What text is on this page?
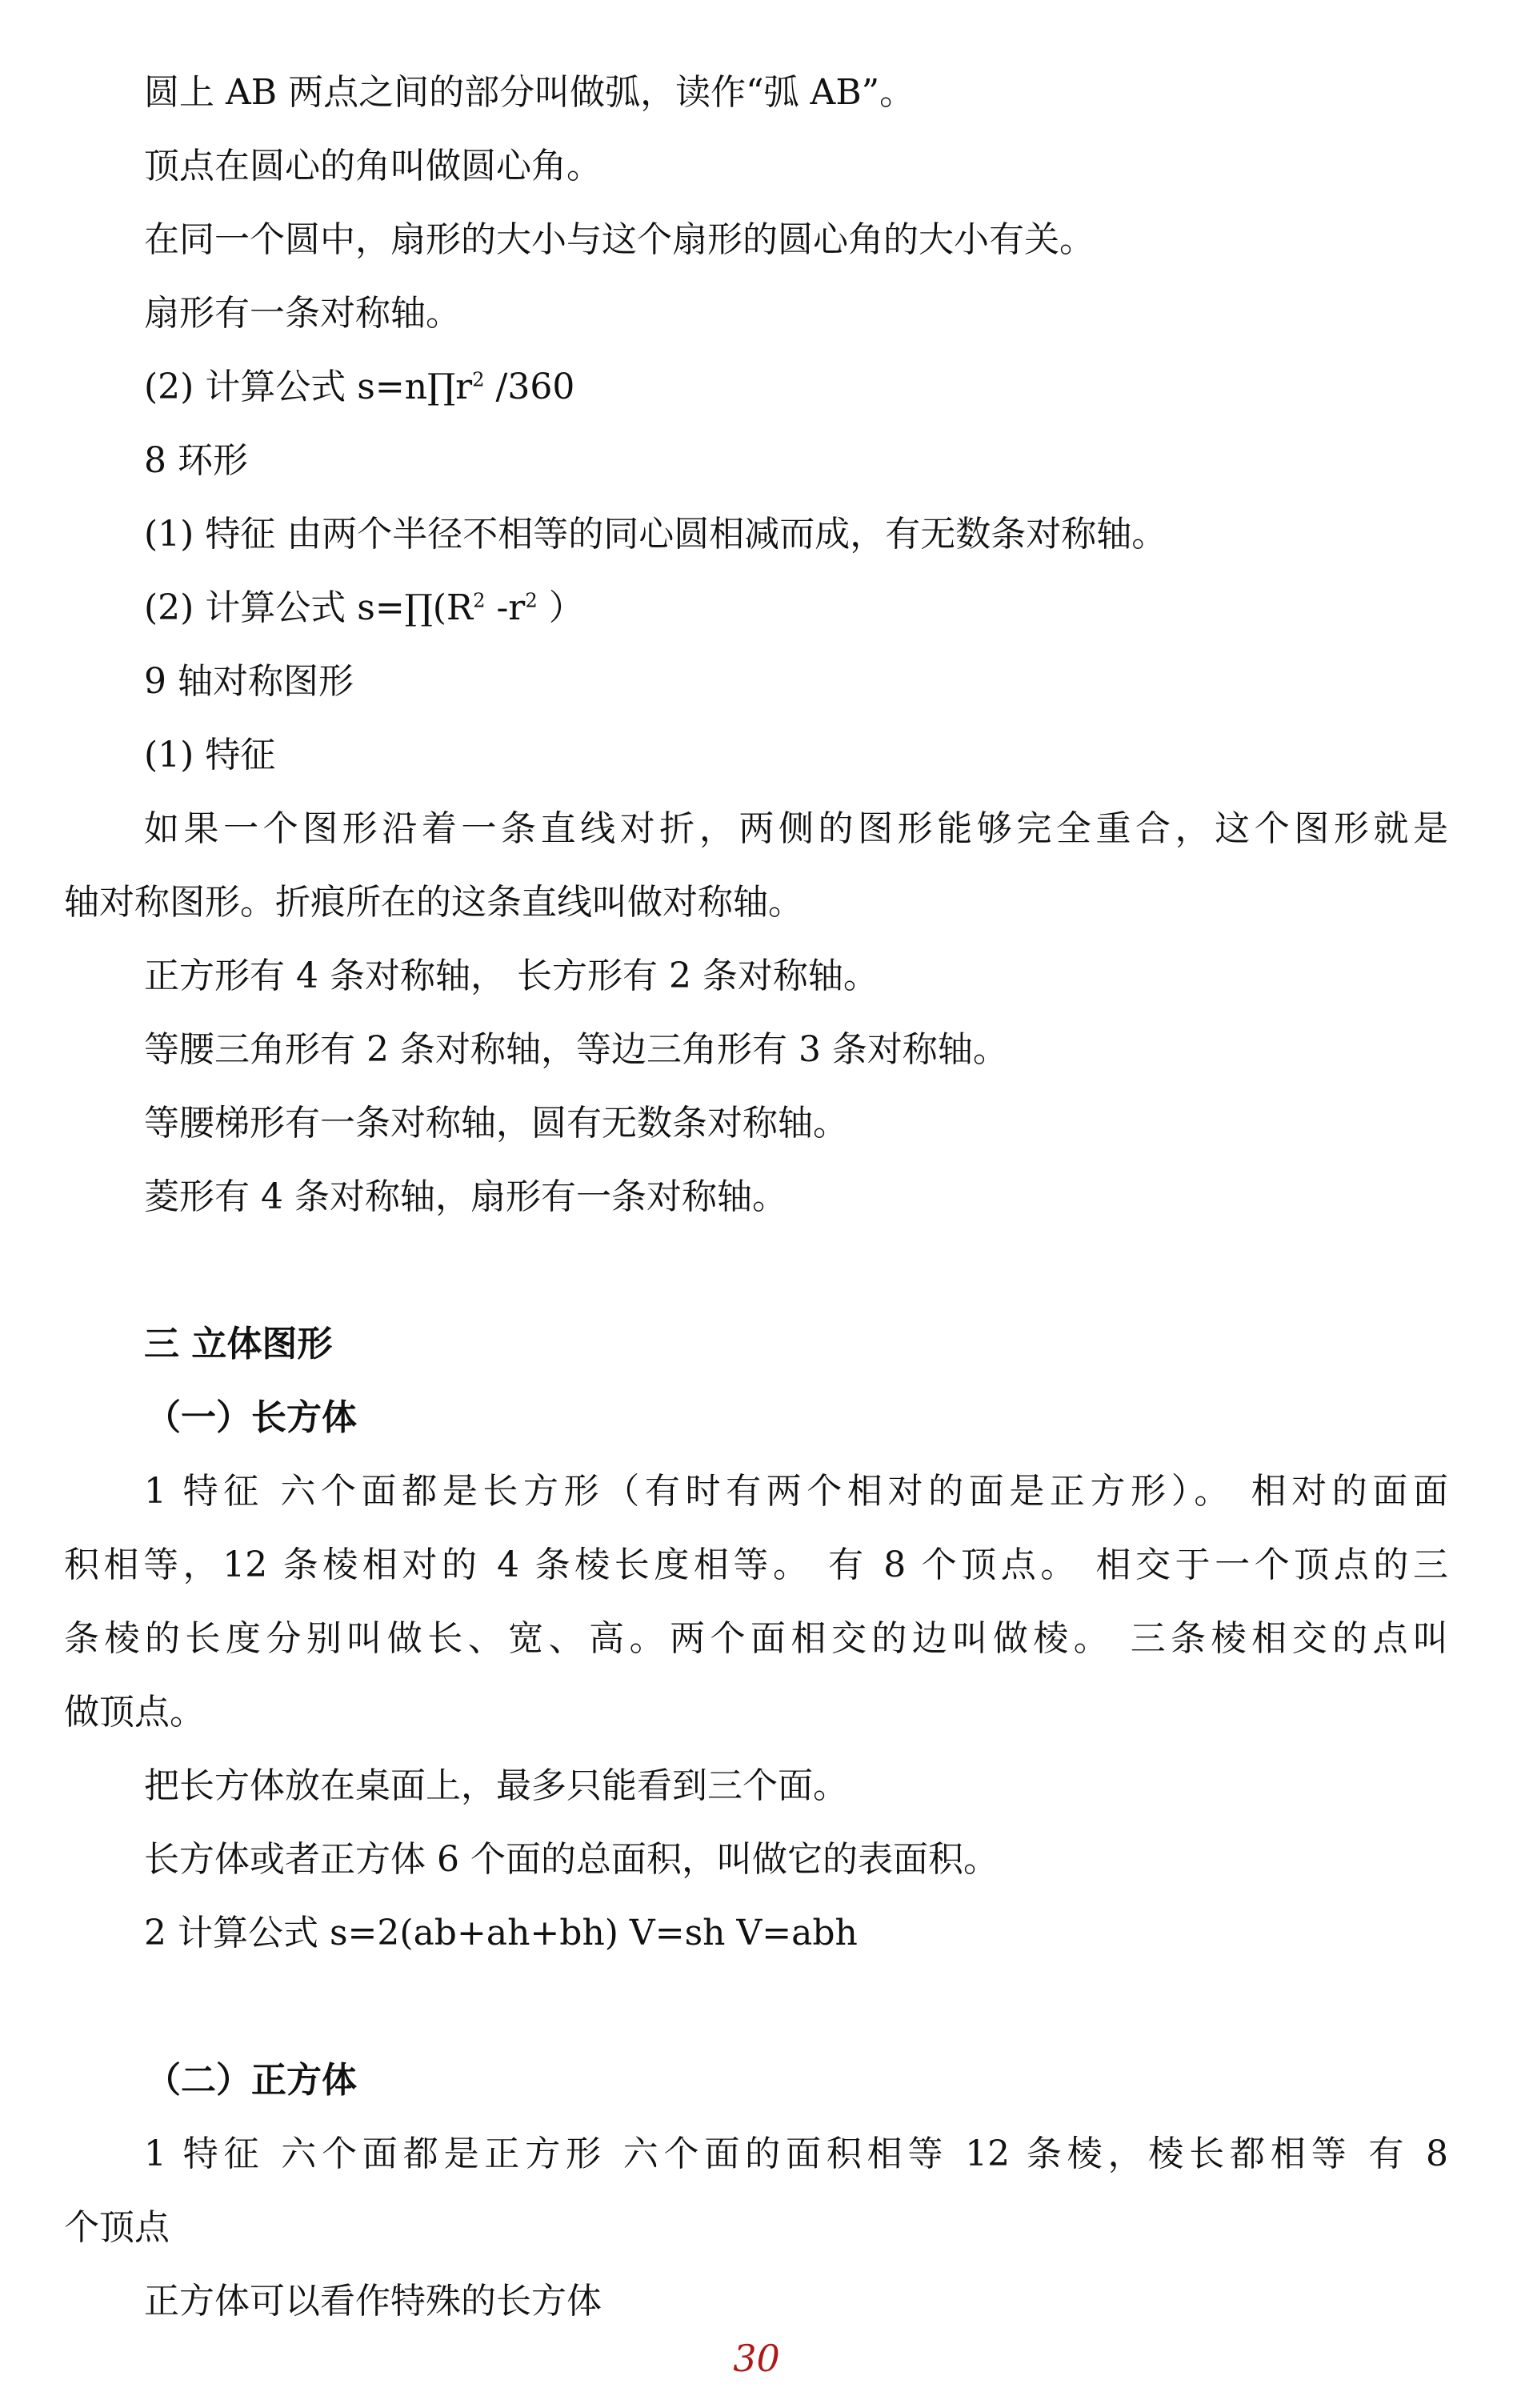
圆上 AB 两点之间的部分叫做弧，读作“弧 AB”。
顶点在圆心的角叫做圆心角。
在同一个圆中，扇形的大小与这个扇形的圆心角的大小有关。
扇形有一条对称轴。
(2) 计算公式 $s=n\prod r^2$ /360
8 环形
(1) 特征 由两个半径不相等的同心圆相减而成，有无数条对称轴。
(2) 计算公式 $s=\prod(R^2$ $-r^2$ ）
9 轴对称图形
(1) 特征
如果一个图形沿着一条直线对折，两侧的图形能够完全重合，这个图形就是
轴对称图形。折痕所在的这条直线叫做对称轴。
正方形有 4 条对称轴， 长方形有 2 条对称轴。
等腰三角形有 2 条对称轴，等边三角形有 3 条对称轴。
等腰梯形有一条对称轴，圆有无数条对称轴。
菱形有 4 条对称轴，扇形有一条对称轴。
三 立体图形
（一）长方体
1 特征 六个面都是长方形（有时有两个相对的面是正方形）。 相对的面面
积相等，12 条棱相对的 4 条棱长度相等。 有 8 个顶点。 相交于一个顶点的三
条棱的长度分别叫做长、宽、高。两个面相交的边叫做棱。 三条棱相交的点叫
做顶点。
把长方体放在桌面上，最多只能看到三个面。
长方体或者正方体 6 个面的总面积，叫做它的表面积。
2 计算公式 s=2(ab+ah+bh) V=sh V=abh
（二）正方体
1 特征 六个面都是正方形 六个面的面积相等 12 条棱，棱长都相等 有 8
个顶点
正方体可以看作特殊的长方体
30
